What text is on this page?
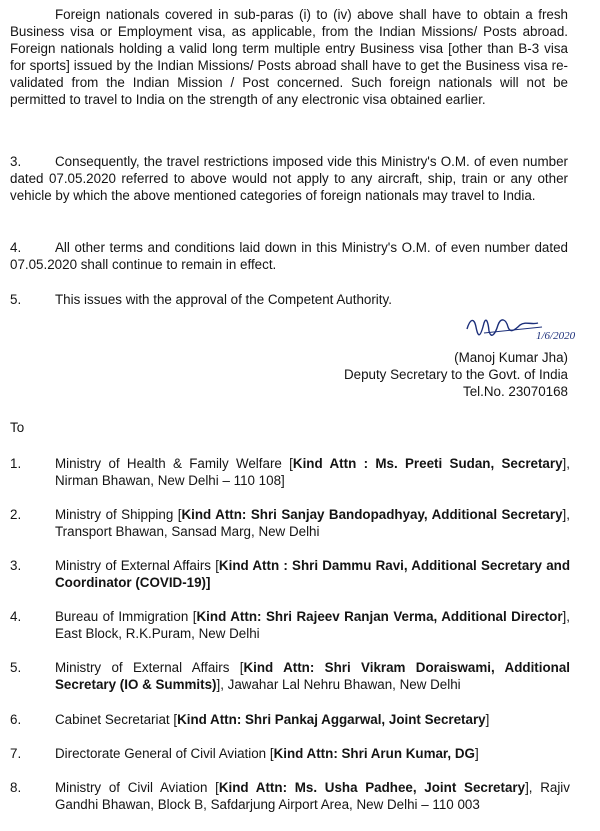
Foreign nationals covered in sub-paras (i) to (iv) above shall have to obtain a fresh Business visa or Employment visa, as applicable, from the Indian Missions/ Posts abroad. Foreign nationals holding a valid long term multiple entry Business visa [other than B-3 visa for sports] issued by the Indian Missions/ Posts abroad shall have to get the Business visa re-validated from the Indian Mission / Post concerned. Such foreign nationals will not be permitted to travel to India on the strength of any electronic visa obtained earlier.
3.	Consequently, the travel restrictions imposed vide this Ministry's O.M. of even number dated 07.05.2020 referred to above would not apply to any aircraft, ship, train or any other vehicle by which the above mentioned categories of foreign nationals may travel to India.
4.	All other terms and conditions laid down in this Ministry's O.M. of even number dated 07.05.2020 shall continue to remain in effect.
5.	This issues with the approval of the Competent Authority.
1/6/2020
(Manoj Kumar Jha)
Deputy Secretary to the Govt. of India
Tel.No. 23070168
To
1.	Ministry of Health & Family Welfare [Kind Attn : Ms. Preeti Sudan, Secretary], Nirman Bhawan, New Delhi – 110 108]
2.	Ministry of Shipping [Kind Attn: Shri Sanjay Bandopadhyay, Additional Secretary], Transport Bhawan, Sansad Marg, New Delhi
3.	Ministry of External Affairs [Kind Attn : Shri Dammu Ravi, Additional Secretary and Coordinator (COVID-19)]
4.	Bureau of Immigration [Kind Attn: Shri Rajeev Ranjan Verma, Additional Director], East Block, R.K.Puram, New Delhi
5.	Ministry of External Affairs [Kind Attn: Shri Vikram Doraiswami, Additional Secretary (IO & Summits)], Jawahar Lal Nehru Bhawan, New Delhi
6.	Cabinet Secretariat [Kind Attn: Shri Pankaj Aggarwal, Joint Secretary]
7.	Directorate General of Civil Aviation [Kind Attn: Shri Arun Kumar, DG]
8.	Ministry of Civil Aviation [Kind Attn: Ms. Usha Padhee, Joint Secretary], Rajiv Gandhi Bhawan, Block B, Safdarjung Airport Area, New Delhi – 110 003
